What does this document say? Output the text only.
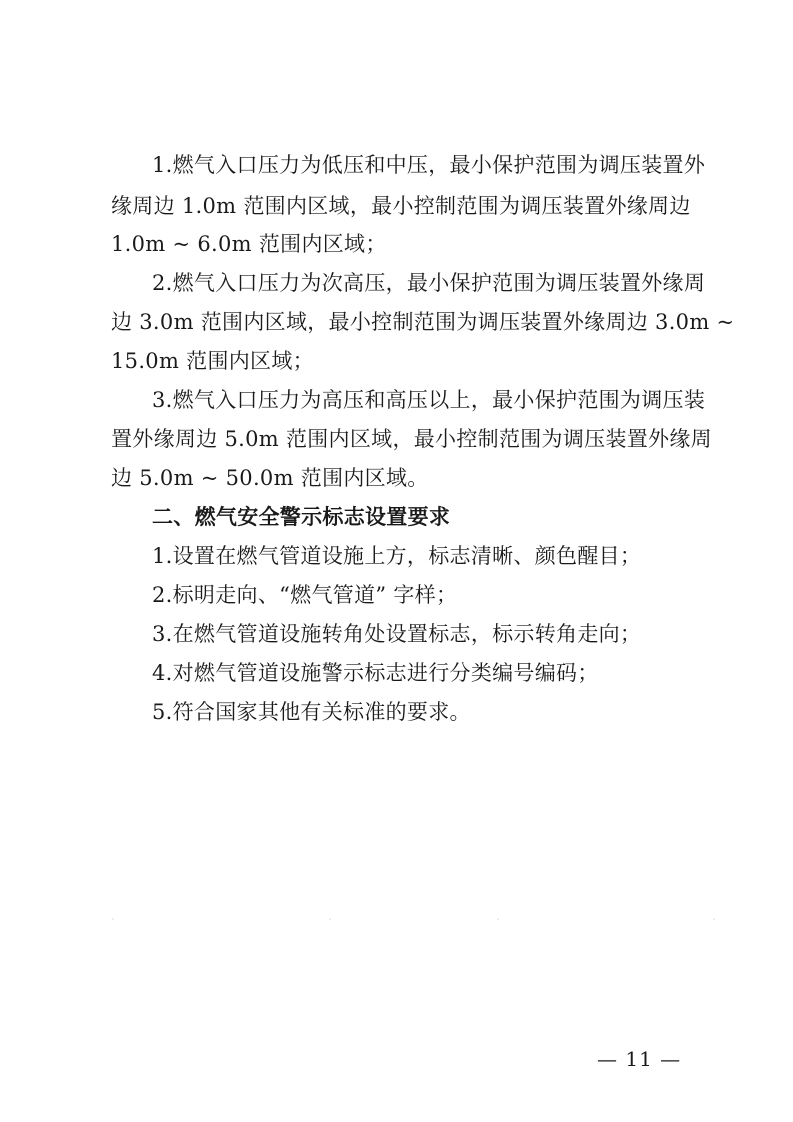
1.燃气入口压力为低压和中压，最小保护范围为调压装置外
缘周边 1.0m 范围内区域，最小控制范围为调压装置外缘周边
1.0m ~ 6.0m 范围内区域；
2.燃气入口压力为次高压，最小保护范围为调压装置外缘周
边 3.0m 范围内区域，最小控制范围为调压装置外缘周边 3.0m ~
15.0m 范围内区域；
3.燃气入口压力为高压和高压以上，最小保护范围为调压装
置外缘周边 5.0m 范围内区域，最小控制范围为调压装置外缘周
边 5.0m ~ 50.0m 范围内区域。
二、燃气安全警示标志设置要求
1.设置在燃气管道设施上方，标志清晰、颜色醒目；
2.标明走向、“燃气管道” 字样；
3.在燃气管道设施转角处设置标志，标示转角走向；
4.对燃气管道设施警示标志进行分类编号编码；
5.符合国家其他有关标准的要求。
— 11 —
